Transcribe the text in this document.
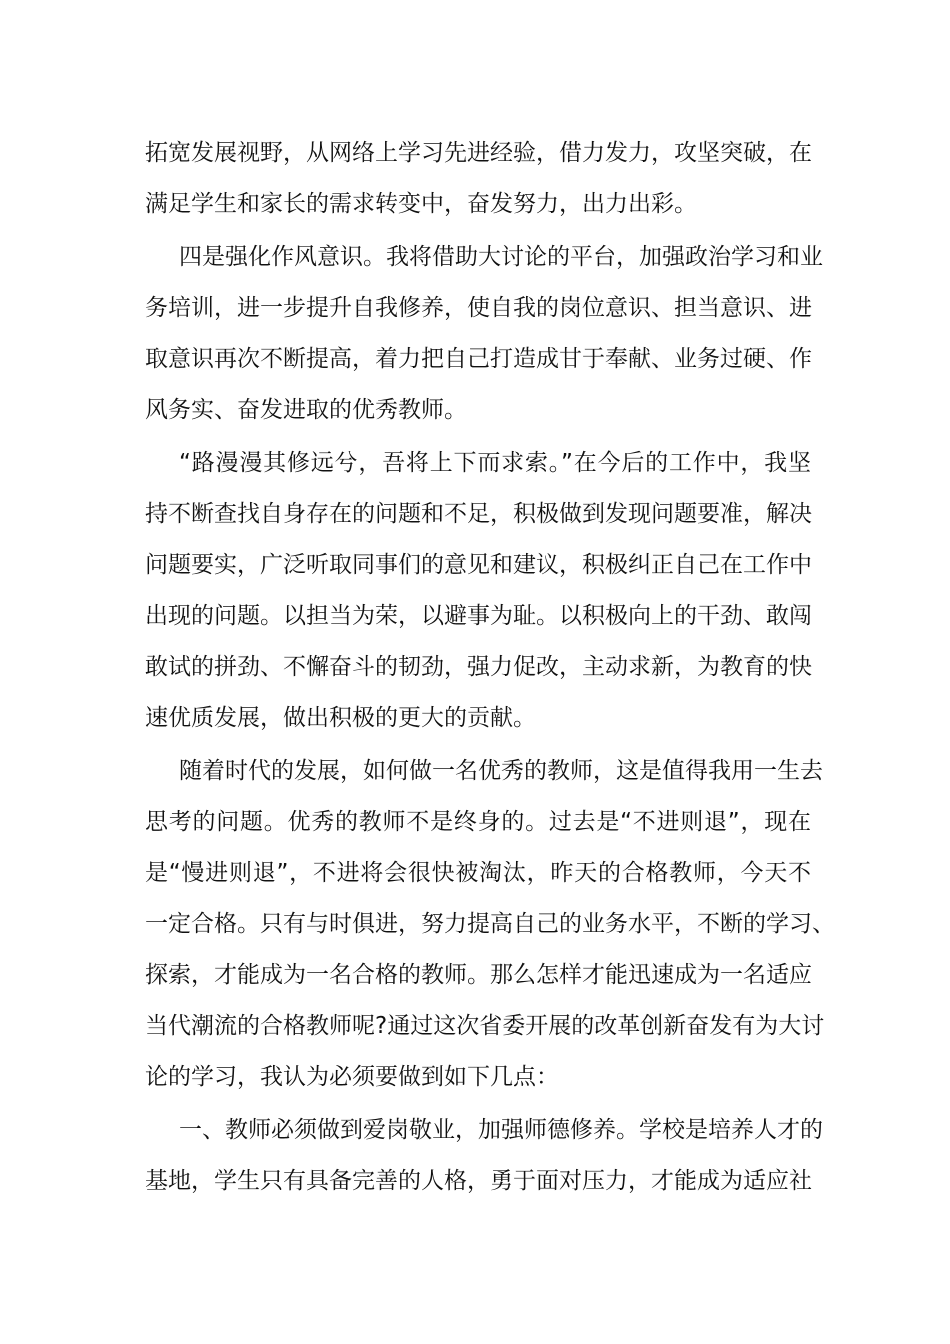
拓宽发展视野，从网络上学习先进经验，借力发力，攻坚突破，在
满足学生和家长的需求转变中，奋发努力，出力出彩。
四是强化作风意识。我将借助大讨论的平台，加强政治学习和业
务培训，进一步提升自我修养，使自我的岗位意识、担当意识、进
取意识再次不断提高，着力把自己打造成甘于奉献、业务过硬、作
风务实、奋发进取的优秀教师。
“路漫漫其修远兮，吾将上下而求索。”在今后的工作中，我坚
持不断查找自身存在的问题和不足，积极做到发现问题要准，解决
问题要实，广泛听取同事们的意见和建议，积极纠正自己在工作中
出现的问题。以担当为荣，以避事为耻。以积极向上的干劲、敢闯
敢试的拼劲、不懈奋斗的韧劲，强力促改，主动求新，为教育的快
速优质发展，做出积极的更大的贡献。
随着时代的发展，如何做一名优秀的教师，这是值得我用一生去
思考的问题。优秀的教师不是终身的。过去是“不进则退”，现在
是“慢进则退”，不进将会很快被淘汰，昨天的合格教师，今天不
一定合格。只有与时俱进，努力提高自己的业务水平，不断的学习、
探索，才能成为一名合格的教师。那么怎样才能迅速成为一名适应
当代潮流的合格教师呢?通过这次省委开展的改革创新奋发有为大讨
论的学习，我认为必须要做到如下几点：
一、教师必须做到爱岗敬业，加强师德修养。学校是培养人才的
基地，学生只有具备完善的人格，勇于面对压力，才能成为适应社
